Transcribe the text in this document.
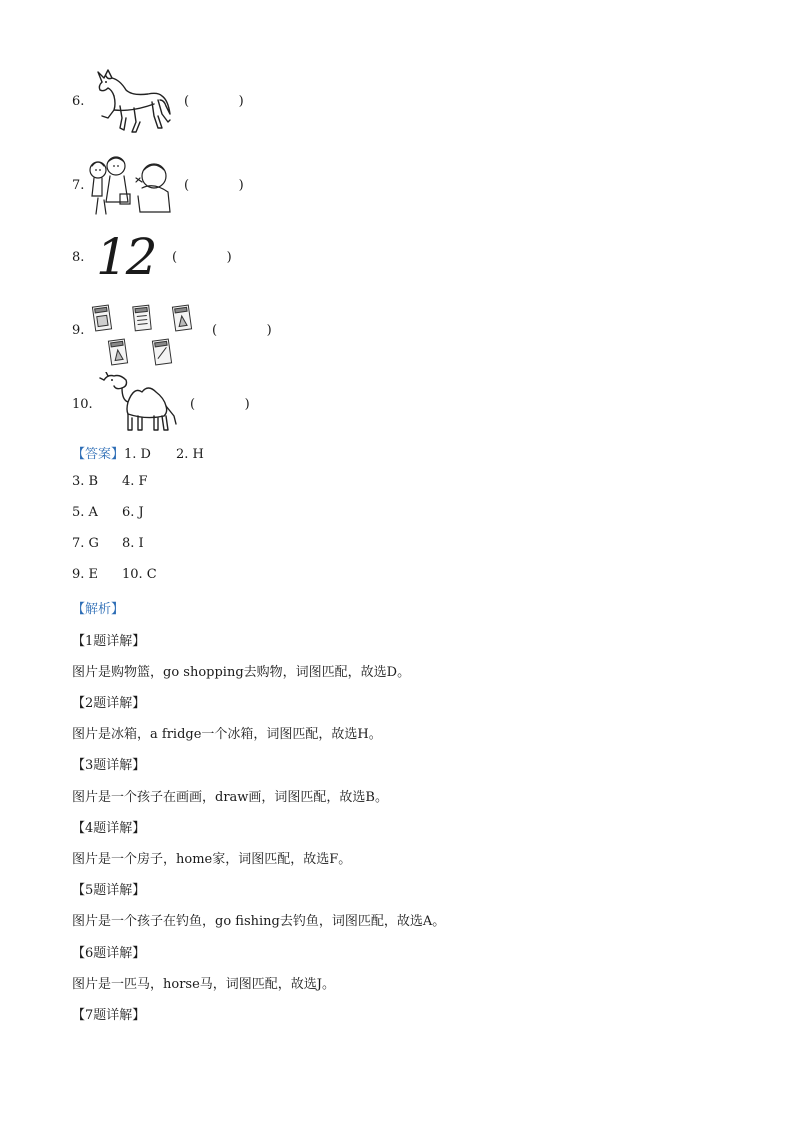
6.	(            )
7.	(            )
8. 12 (            )
9.	(            )
10.	(            )
【答案】1. D 2. H
3. B 4. F
5. A 6. J
7. G 8. I
9. E 10. C
【解析】
【1题详解】
图片是购物篮，go shopping去购物，词图匹配，故选D。
【2题详解】
图片是冰箱，a fridge一个冰箱，词图匹配，故选H。
【3题详解】
图片是一个孩子在画画，draw画，词图匹配，故选B。
【4题详解】
图片是一个房子，home家，词图匹配，故选F。
【5题详解】
图片是一个孩子在钓鱼，go fishing去钓鱼，词图匹配，故选A。
【6题详解】
图片是一匹马，horse马，词图匹配，故选J。
【7题详解】
